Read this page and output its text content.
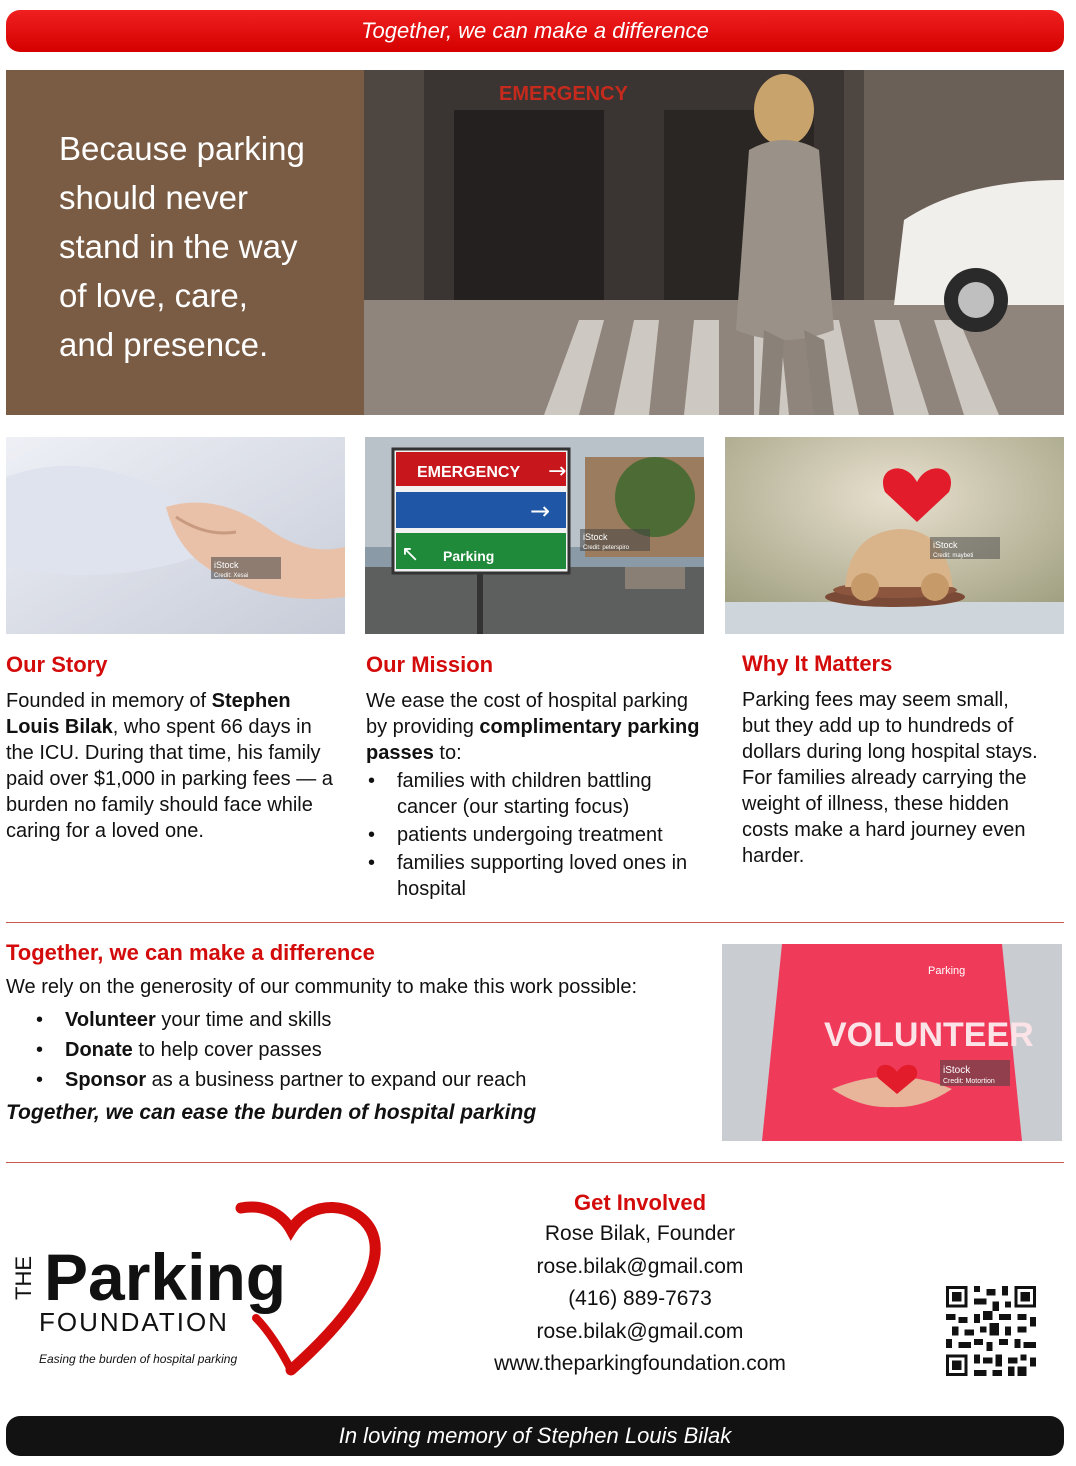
Together, we can make a difference
Because parking
should never
stand in the way
of love, care,
and presence.
EMERGENCY
iStock
Credit: Xesai
EMERGENCY →
→
↖ Parking
iStock
Credit: peterspiro	iStock
Credit: maybeti
Our Story
Founded in memory of Stephen Louis Bilak, who spent 66 days in the ICU. During that time, his family paid over $1,000 in parking fees — a burden no family should face while caring for a loved one.
Our Mission
We ease the cost of hospital parking by providing complimentary parking passes to:
• families with children battling cancer (our starting focus)
• patients undergoing treatment
• families supporting loved ones in hospital
Why It Matters
Parking fees may seem small, but they add up to hundreds of dollars during long hospital stays. For families already carrying the weight of illness, these hidden costs make a hard journey even harder.
Together, we can make a difference
We rely on the generosity of our community to make this work possible:
• Volunteer your time and skills
• Donate to help cover passes
• Sponsor as a business partner to expand our reach
Together, we can ease the burden of hospital parking
VOLUNTEER
Parking
iStock
Credit: Motortion
THE Parking
FOUNDATION
Easing the burden of hospital parking
Get Involved
Rose Bilak, Founder
rose.bilak@gmail.com
(416) 889-7673
rose.bilak@gmail.com
www.theparkingfoundation.com
In loving memory of Stephen Louis Bilak
